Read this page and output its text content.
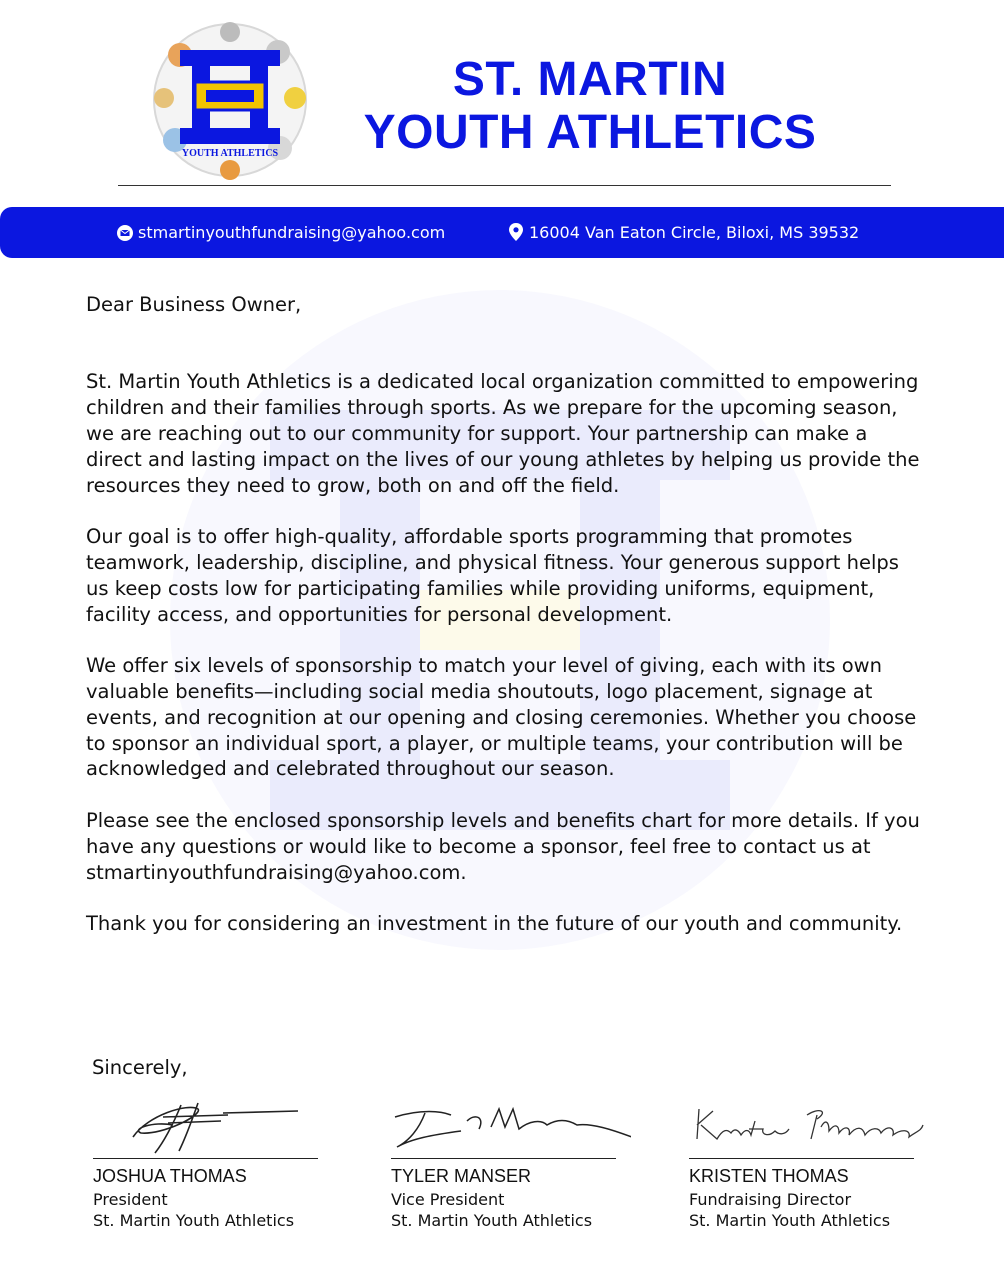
YOUTH ATHLETICS
ST. MARTIN
YOUTH ATHLETICS
stmartinyouthfundraising@yahoo.com	16004 Van Eaton Circle, Biloxi, MS 39532

Dear Business Owner,

St. Martin Youth Athletics is a dedicated local organization committed to empowering children and their families through sports. As we prepare for the upcoming season, we are reaching out to our community for support. Your partnership can make a direct and lasting impact on the lives of our young athletes by helping us provide the resources they need to grow, both on and off the field.

Our goal is to offer high-quality, affordable sports programming that promotes teamwork, leadership, discipline, and physical fitness. Your generous support helps us keep costs low for participating families while providing uniforms, equipment, facility access, and opportunities for personal development.

We offer six levels of sponsorship to match your level of giving, each with its own valuable benefits—including social media shoutouts, logo placement, signage at events, and recognition at our opening and closing ceremonies. Whether you choose to sponsor an individual sport, a player, or multiple teams, your contribution will be acknowledged and celebrated throughout our season.

Please see the enclosed sponsorship levels and benefits chart for more details. If you have any questions or would like to become a sponsor, feel free to contact us at stmartinyouthfundraising@yahoo.com.

Thank you for considering an investment in the future of our youth and community.

Sincerely,
JOSHUA THOMAS
President
St. Martin Youth Athletics
TYLER MANSER
Vice President
St. Martin Youth Athletics
KRISTEN THOMAS
Fundraising Director
St. Martin Youth Athletics
